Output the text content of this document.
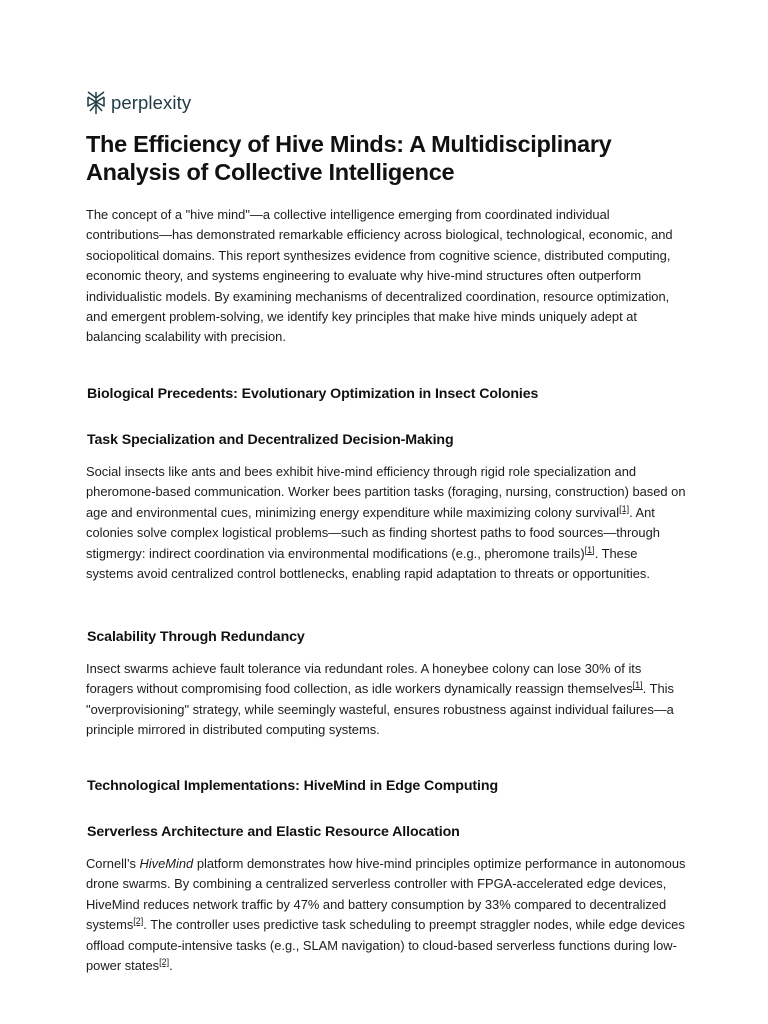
perplexity
The Efficiency of Hive Minds: A Multidisciplinary Analysis of Collective Intelligence

The concept of a "hive mind"—a collective intelligence emerging from coordinated individual contributions—has demonstrated remarkable efficiency across biological, technological, economic, and sociopolitical domains. This report synthesizes evidence from cognitive science, distributed computing, economic theory, and systems engineering to evaluate why hive-mind structures often outperform individualistic models. By examining mechanisms of decentralized coordination, resource optimization, and emergent problem-solving, we identify key principles that make hive minds uniquely adept at balancing scalability with precision.

Biological Precedents: Evolutionary Optimization in Insect Colonies
Task Specialization and Decentralized Decision-Making

Social insects like ants and bees exhibit hive-mind efficiency through rigid role specialization and pheromone-based communication. Worker bees partition tasks (foraging, nursing, construction) based on age and environmental cues, minimizing energy expenditure while maximizing colony survival[1]. Ant colonies solve complex logistical problems—such as finding shortest paths to food sources—through stigmergy: indirect coordination via environmental modifications (e.g., pheromone trails)[1]. These systems avoid centralized control bottlenecks, enabling rapid adaptation to threats or opportunities.

Scalability Through Redundancy

Insect swarms achieve fault tolerance via redundant roles. A honeybee colony can lose 30% of its foragers without compromising food collection, as idle workers dynamically reassign themselves[1]. This "overprovisioning" strategy, while seemingly wasteful, ensures robustness against individual failures—a principle mirrored in distributed computing systems.

Technological Implementations: HiveMind in Edge Computing
Serverless Architecture and Elastic Resource Allocation

Cornell’s HiveMind platform demonstrates how hive-mind principles optimize performance in autonomous drone swarms. By combining a centralized serverless controller with FPGA-accelerated edge devices, HiveMind reduces network traffic by 47% and battery consumption by 33% compared to decentralized systems[2]. The controller uses predictive task scheduling to preempt straggler nodes, while edge devices offload compute-intensive tasks (e.g., SLAM navigation) to cloud-based serverless functions during low-power states[2].
